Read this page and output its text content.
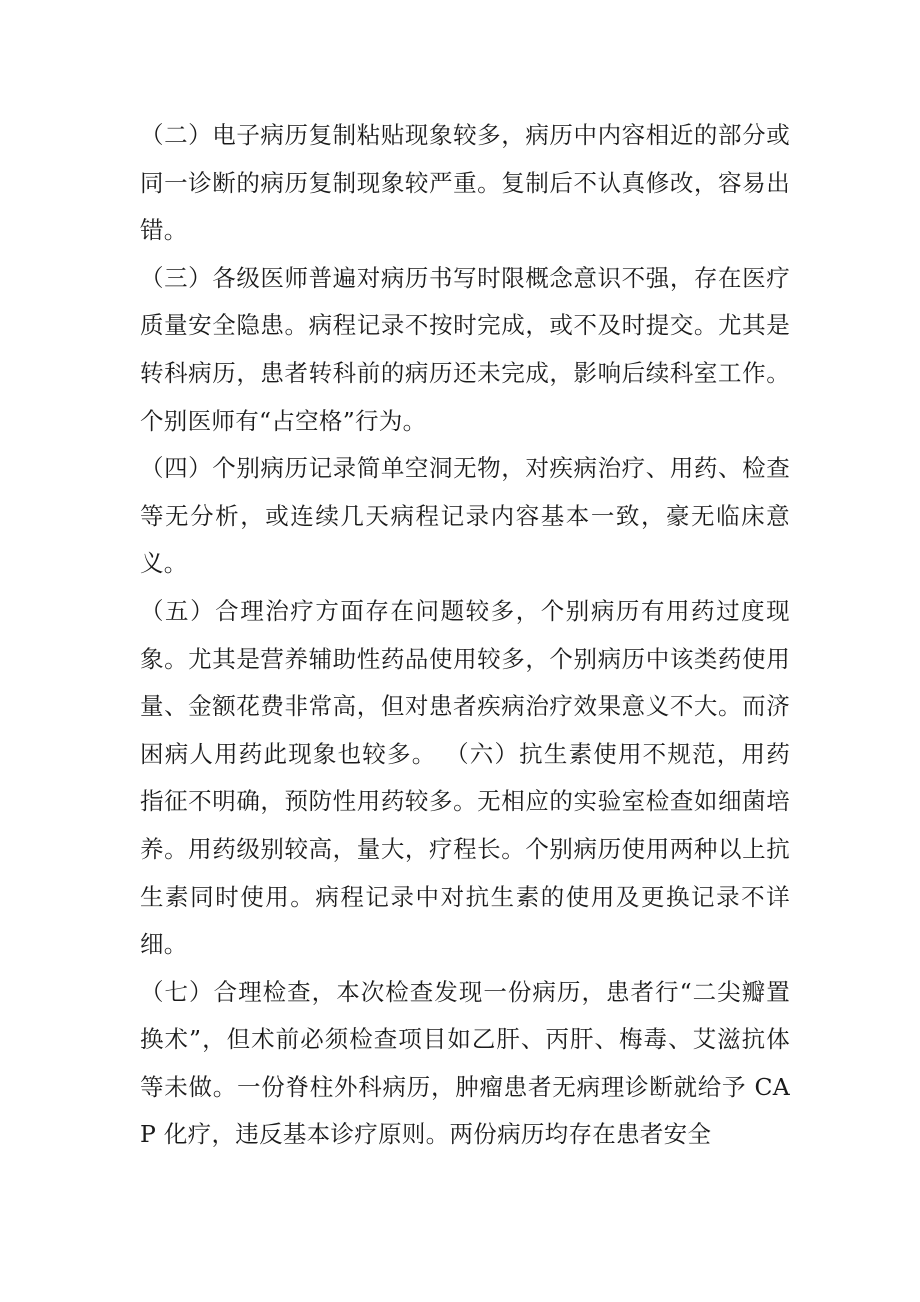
（二）电子病历复制粘贴现象较多，病历中内容相近的部分或同一诊断的病历复制现象较严重。复制后不认真修改，容易出错。

（三）各级医师普遍对病历书写时限概念意识不强，存在医疗质量安全隐患。病程记录不按时完成，或不及时提交。尤其是转科病历，患者转科前的病历还未完成，影响后续科室工作。个别医师有“占空格”行为。

（四）个别病历记录简单空洞无物，对疾病治疗、用药、检查等无分析，或连续几天病程记录内容基本一致，豪无临床意义。

（五）合理治疗方面存在问题较多，个别病历有用药过度现象。尤其是营养辅助性药品使用较多，个别病历中该类药使用量、金额花费非常高，但对患者疾病治疗效果意义不大。而济困病人用药此现象也较多。 （六）抗生素使用不规范，用药指征不明确，预防性用药较多。无相应的实验室检查如细菌培养。用药级别较高，量大，疗程长。个别病历使用两种以上抗生素同时使用。病程记录中对抗生素的使用及更换记录不详细。

（七）合理检查，本次检查发现一份病历，患者行“二尖瓣置换术”，但术前必须检查项目如乙肝、丙肝、梅毒、艾滋抗体等未做。一份脊柱外科病历，肿瘤患者无病理诊断就给予 CAP 化疗，违反基本诊疗原则。两份病历均存在患者安全
